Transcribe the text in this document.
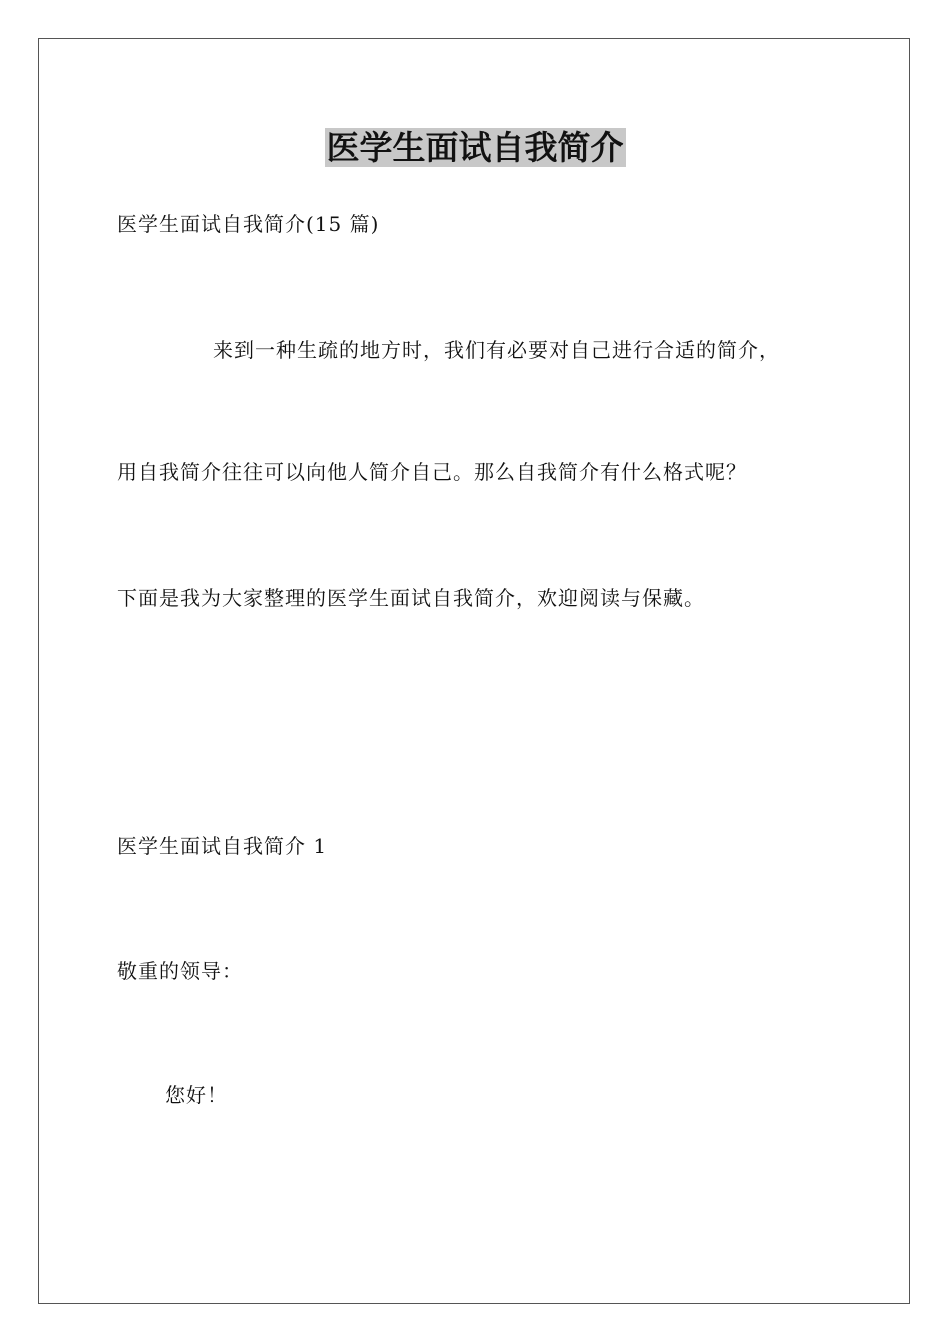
医学生面试自我简介
医学生面试自我简介(15 篇)
来到一种生疏的地方时，我们有必要对自己进行合适的简介，
用自我简介往往可以向他人简介自己。那么自我简介有什么格式呢？
下面是我为大家整理的医学生面试自我简介，欢迎阅读与保藏。
医学生面试自我简介 1
敬重的领导：
您好！
